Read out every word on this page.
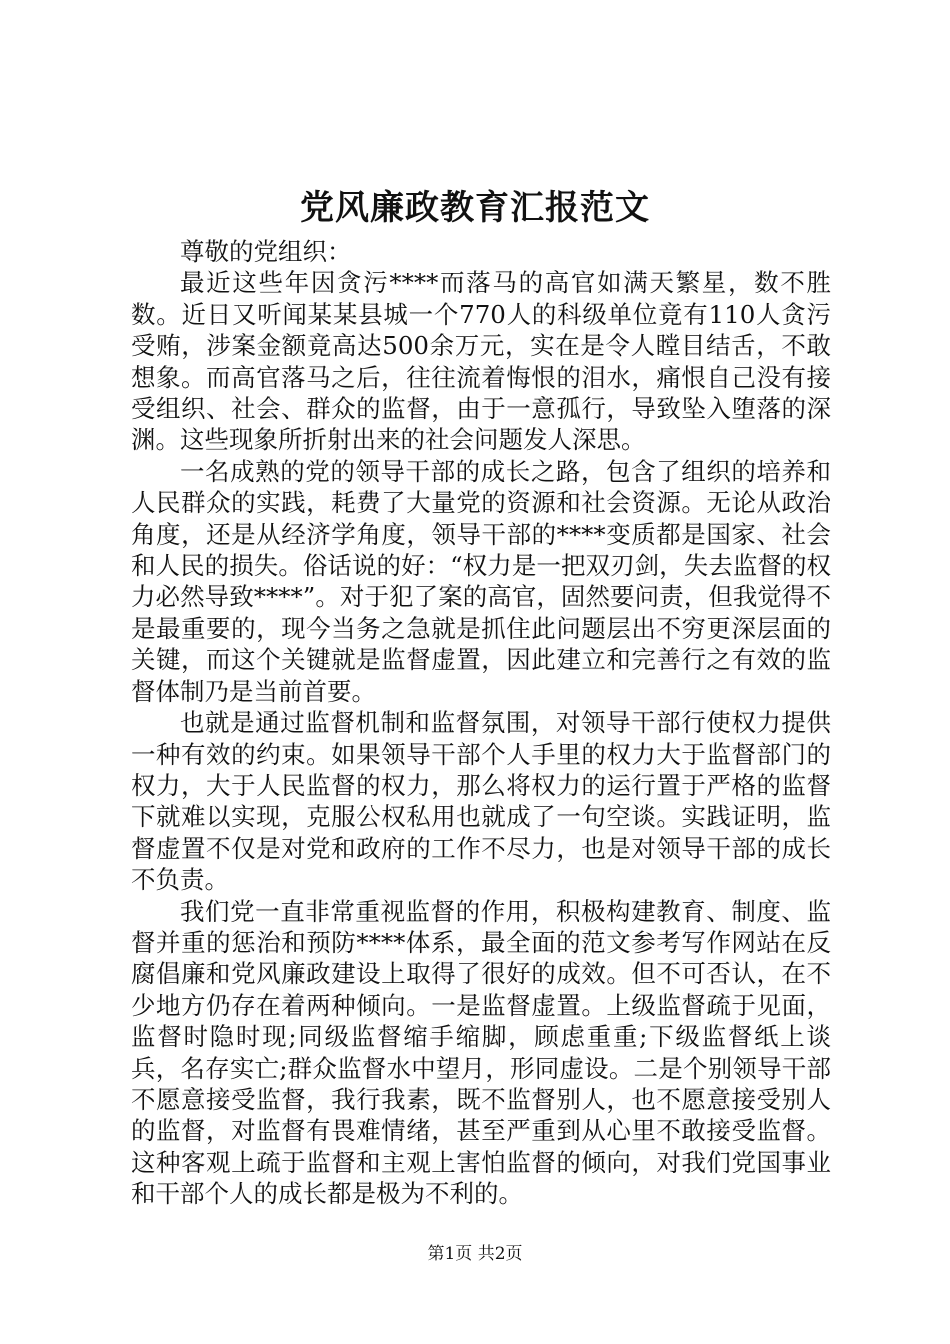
党风廉政教育汇报范文

尊敬的党组织：

最近这些年因贪污****而落马的高官如满天繁星，数不胜数。近日又听闻某某县城一个770人的科级单位竟有110人贪污受贿，涉案金额竟高达500余万元，实在是令人瞠目结舌，不敢想象。而高官落马之后，往往流着悔恨的泪水，痛恨自己没有接受组织、社会、群众的监督，由于一意孤行，导致坠入堕落的深渊。这些现象所折射出来的社会问题发人深思。

一名成熟的党的领导干部的成长之路，包含了组织的培养和人民群众的实践，耗费了大量党的资源和社会资源。无论从政治角度，还是从经济学角度，领导干部的****变质都是国家、社会和人民的损失。俗话说的好：“权力是一把双刃剑，失去监督的权力必然导致****”。对于犯了案的高官，固然要问责，但我觉得不是最重要的，现今当务之急就是抓住此问题层出不穷更深层面的关键，而这个关键就是监督虚置，因此建立和完善行之有效的监督体制乃是当前首要。

也就是通过监督机制和监督氛围，对领导干部行使权力提供一种有效的约束。如果领导干部个人手里的权力大于监督部门的权力，大于人民监督的权力，那么将权力的运行置于严格的监督下就难以实现，克服公权私用也就成了一句空谈。实践证明，监督虚置不仅是对党和政府的工作不尽力，也是对领导干部的成长不负责。

我们党一直非常重视监督的作用，积极构建教育、制度、监督并重的惩治和预防****体系，最全面的范文参考写作网站在反腐倡廉和党风廉政建设上取得了很好的成效。但不可否认，在不少地方仍存在着两种倾向。一是监督虚置。上级监督疏于见面，监督时隐时现;同级监督缩手缩脚，顾虑重重;下级监督纸上谈兵，名存实亡;群众监督水中望月，形同虚设。二是个别领导干部不愿意接受监督，我行我素，既不监督别人，也不愿意接受别人的监督，对监督有畏难情绪，甚至严重到从心里不敢接受监督。这种客观上疏于监督和主观上害怕监督的倾向，对我们党国事业和干部个人的成长都是极为不利的。

第1页 共2页
